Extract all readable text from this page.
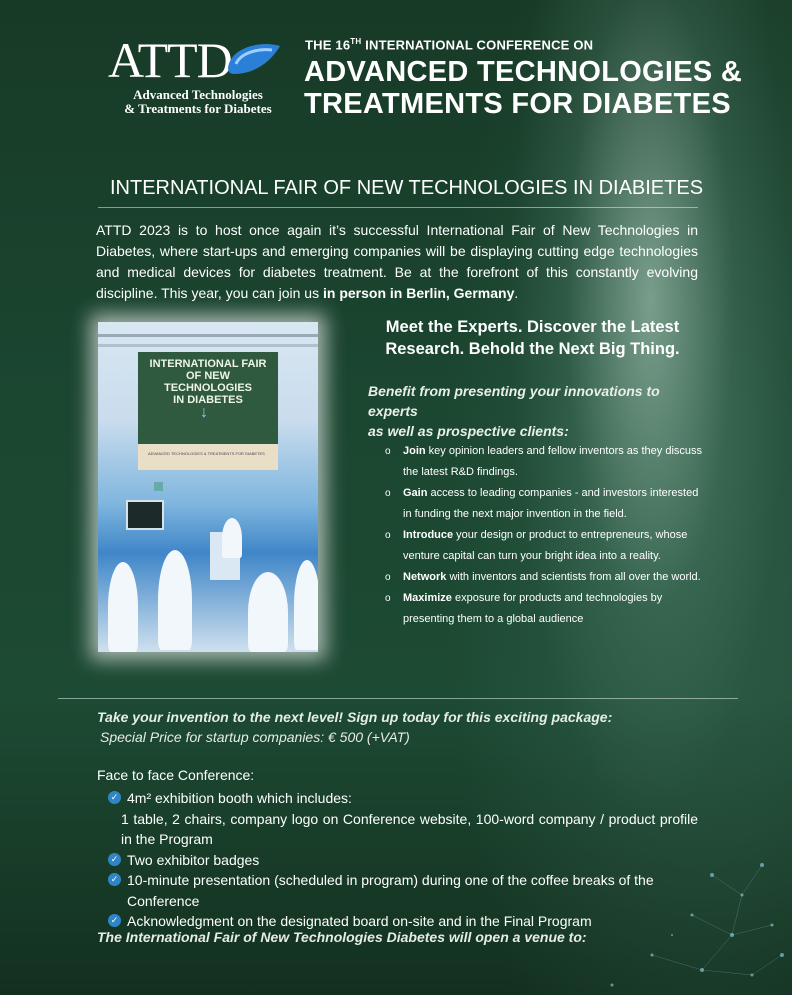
ATTD
Advanced Technologies
& Treatments for Diabetes
THE 16TH INTERNATIONAL CONFERENCE ON
ADVANCED TECHNOLOGIES &
TREATMENTS FOR DIABETES
INTERNATIONAL FAIR OF NEW TECHNOLOGIES IN DIABIETES
ATTD 2023 is to host once again it’s successful International Fair of New Technologies in Diabetes, where start-ups and emerging companies will be displaying cutting edge technologies and medical devices for diabetes treatment. Be at the forefront of this constantly evolving discipline. This year, you can join us in person in Berlin, Germany.
INTERNATIONAL FAIR
OF NEW TECHNOLOGIES
IN DIABETES
↓
ADVANCED TECHNOLOGIES & TREATMENTS FOR DIABETES
Meet the Experts. Discover the Latest
Research. Behold the Next Big Thing.
Benefit from presenting your innovations to experts
as well as prospective clients:
o Join key opinion leaders and fellow inventors as they discuss the latest R&D findings.
o Gain access to leading companies - and investors interested in funding the next major invention in the field.
o Introduce your design or product to entrepreneurs, whose venture capital can turn your bright idea into a reality.
o Network with inventors and scientists from all over the world.
o Maximize exposure for products and technologies by presenting them to a global audience
Take your invention to the next level! Sign up today for this exciting package:
Special Price for startup companies: € 500 (+VAT)
Face to face Conference:
✓ 4m² exhibition booth which includes:
1 table, 2 chairs, company logo on Conference website, 100-word company / product profile in the Program
✓ Two exhibitor badges
✓ 10-minute presentation (scheduled in program) during one of the coffee breaks of the Conference
✓ Acknowledgment on the designated board on-site and in the Final Program
The International Fair of New Technologies Diabetes will open a venue to:
